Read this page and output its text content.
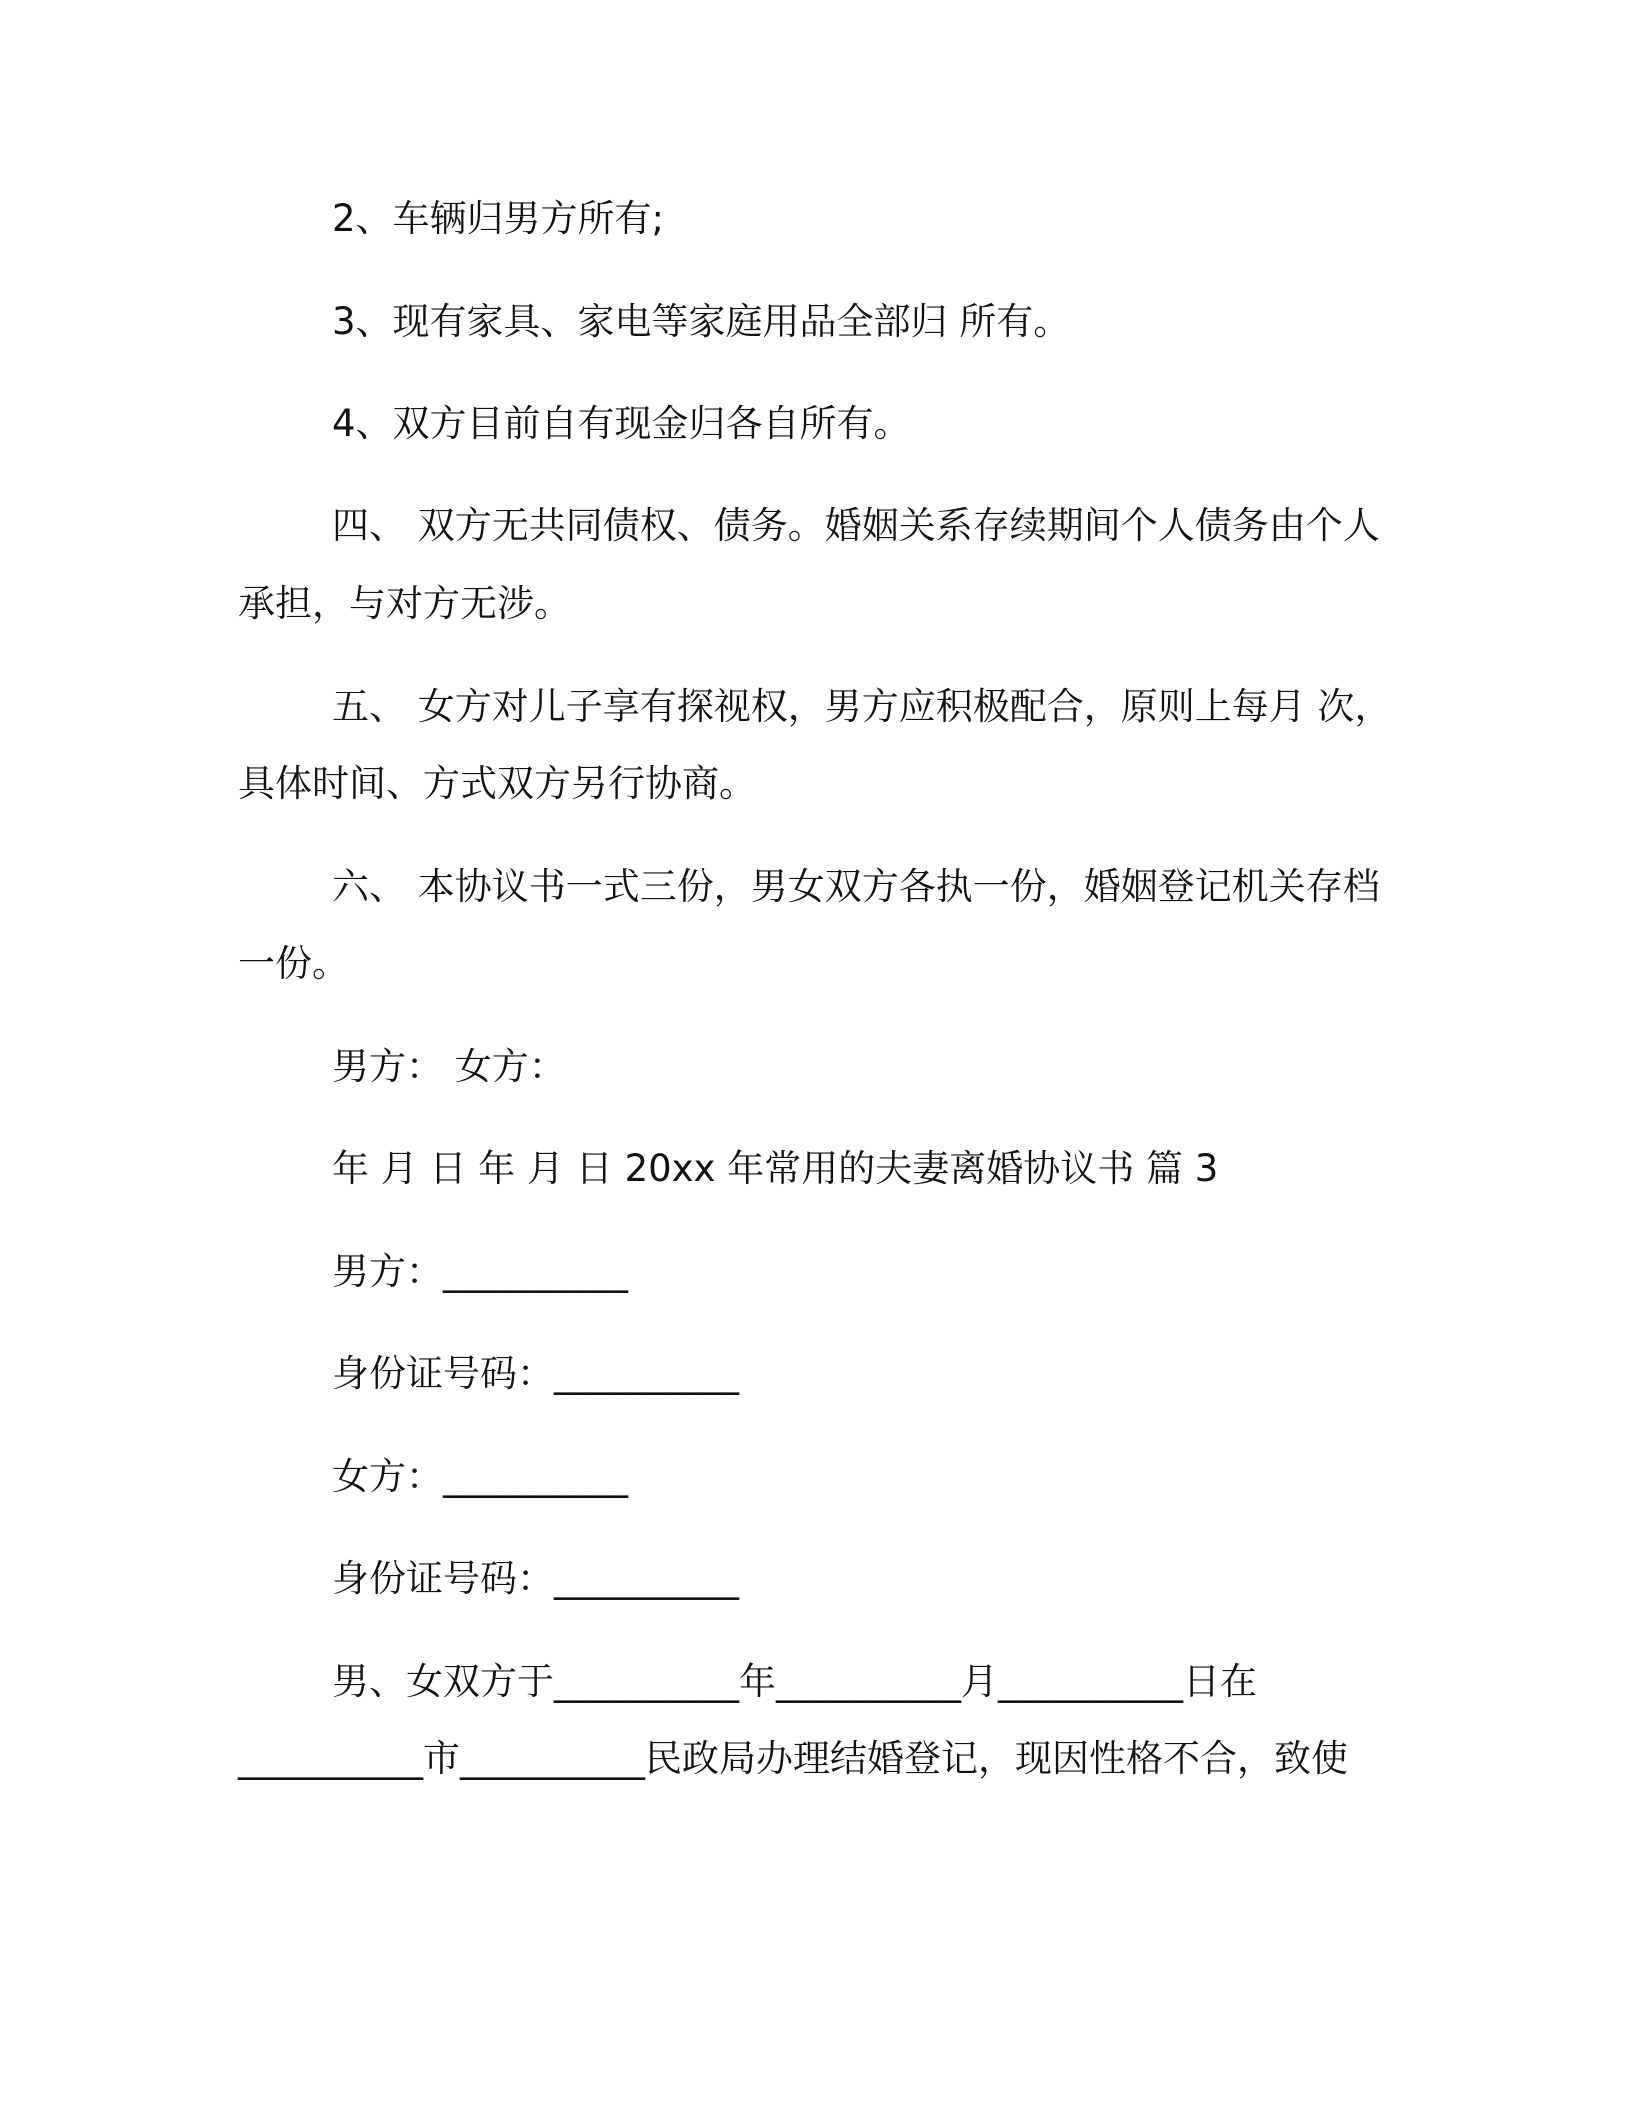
2、车辆归男方所有;
3、现有家具、家电等家庭用品全部归 所有。
4、双方目前自有现金归各自所有。
四、 双方无共同债权、债务。婚姻关系存续期间个人债务由个人
承担，与对方无涉。
五、 女方对儿子享有探视权，男方应积极配合，原则上每月 次，
具体时间、方式双方另行协商。
六、 本协议书一式三份，男女双方各执一份，婚姻登记机关存档
一份。
男方： 女方：
年 月 日 年 月 日 20xx 年常用的夫妻离婚协议书 篇 3
男方：__________
身份证号码：__________
女方：__________
身份证号码：__________
男、女双方于__________年__________月__________日在
__________市__________民政局办理结婚登记，现因性格不合，致使
